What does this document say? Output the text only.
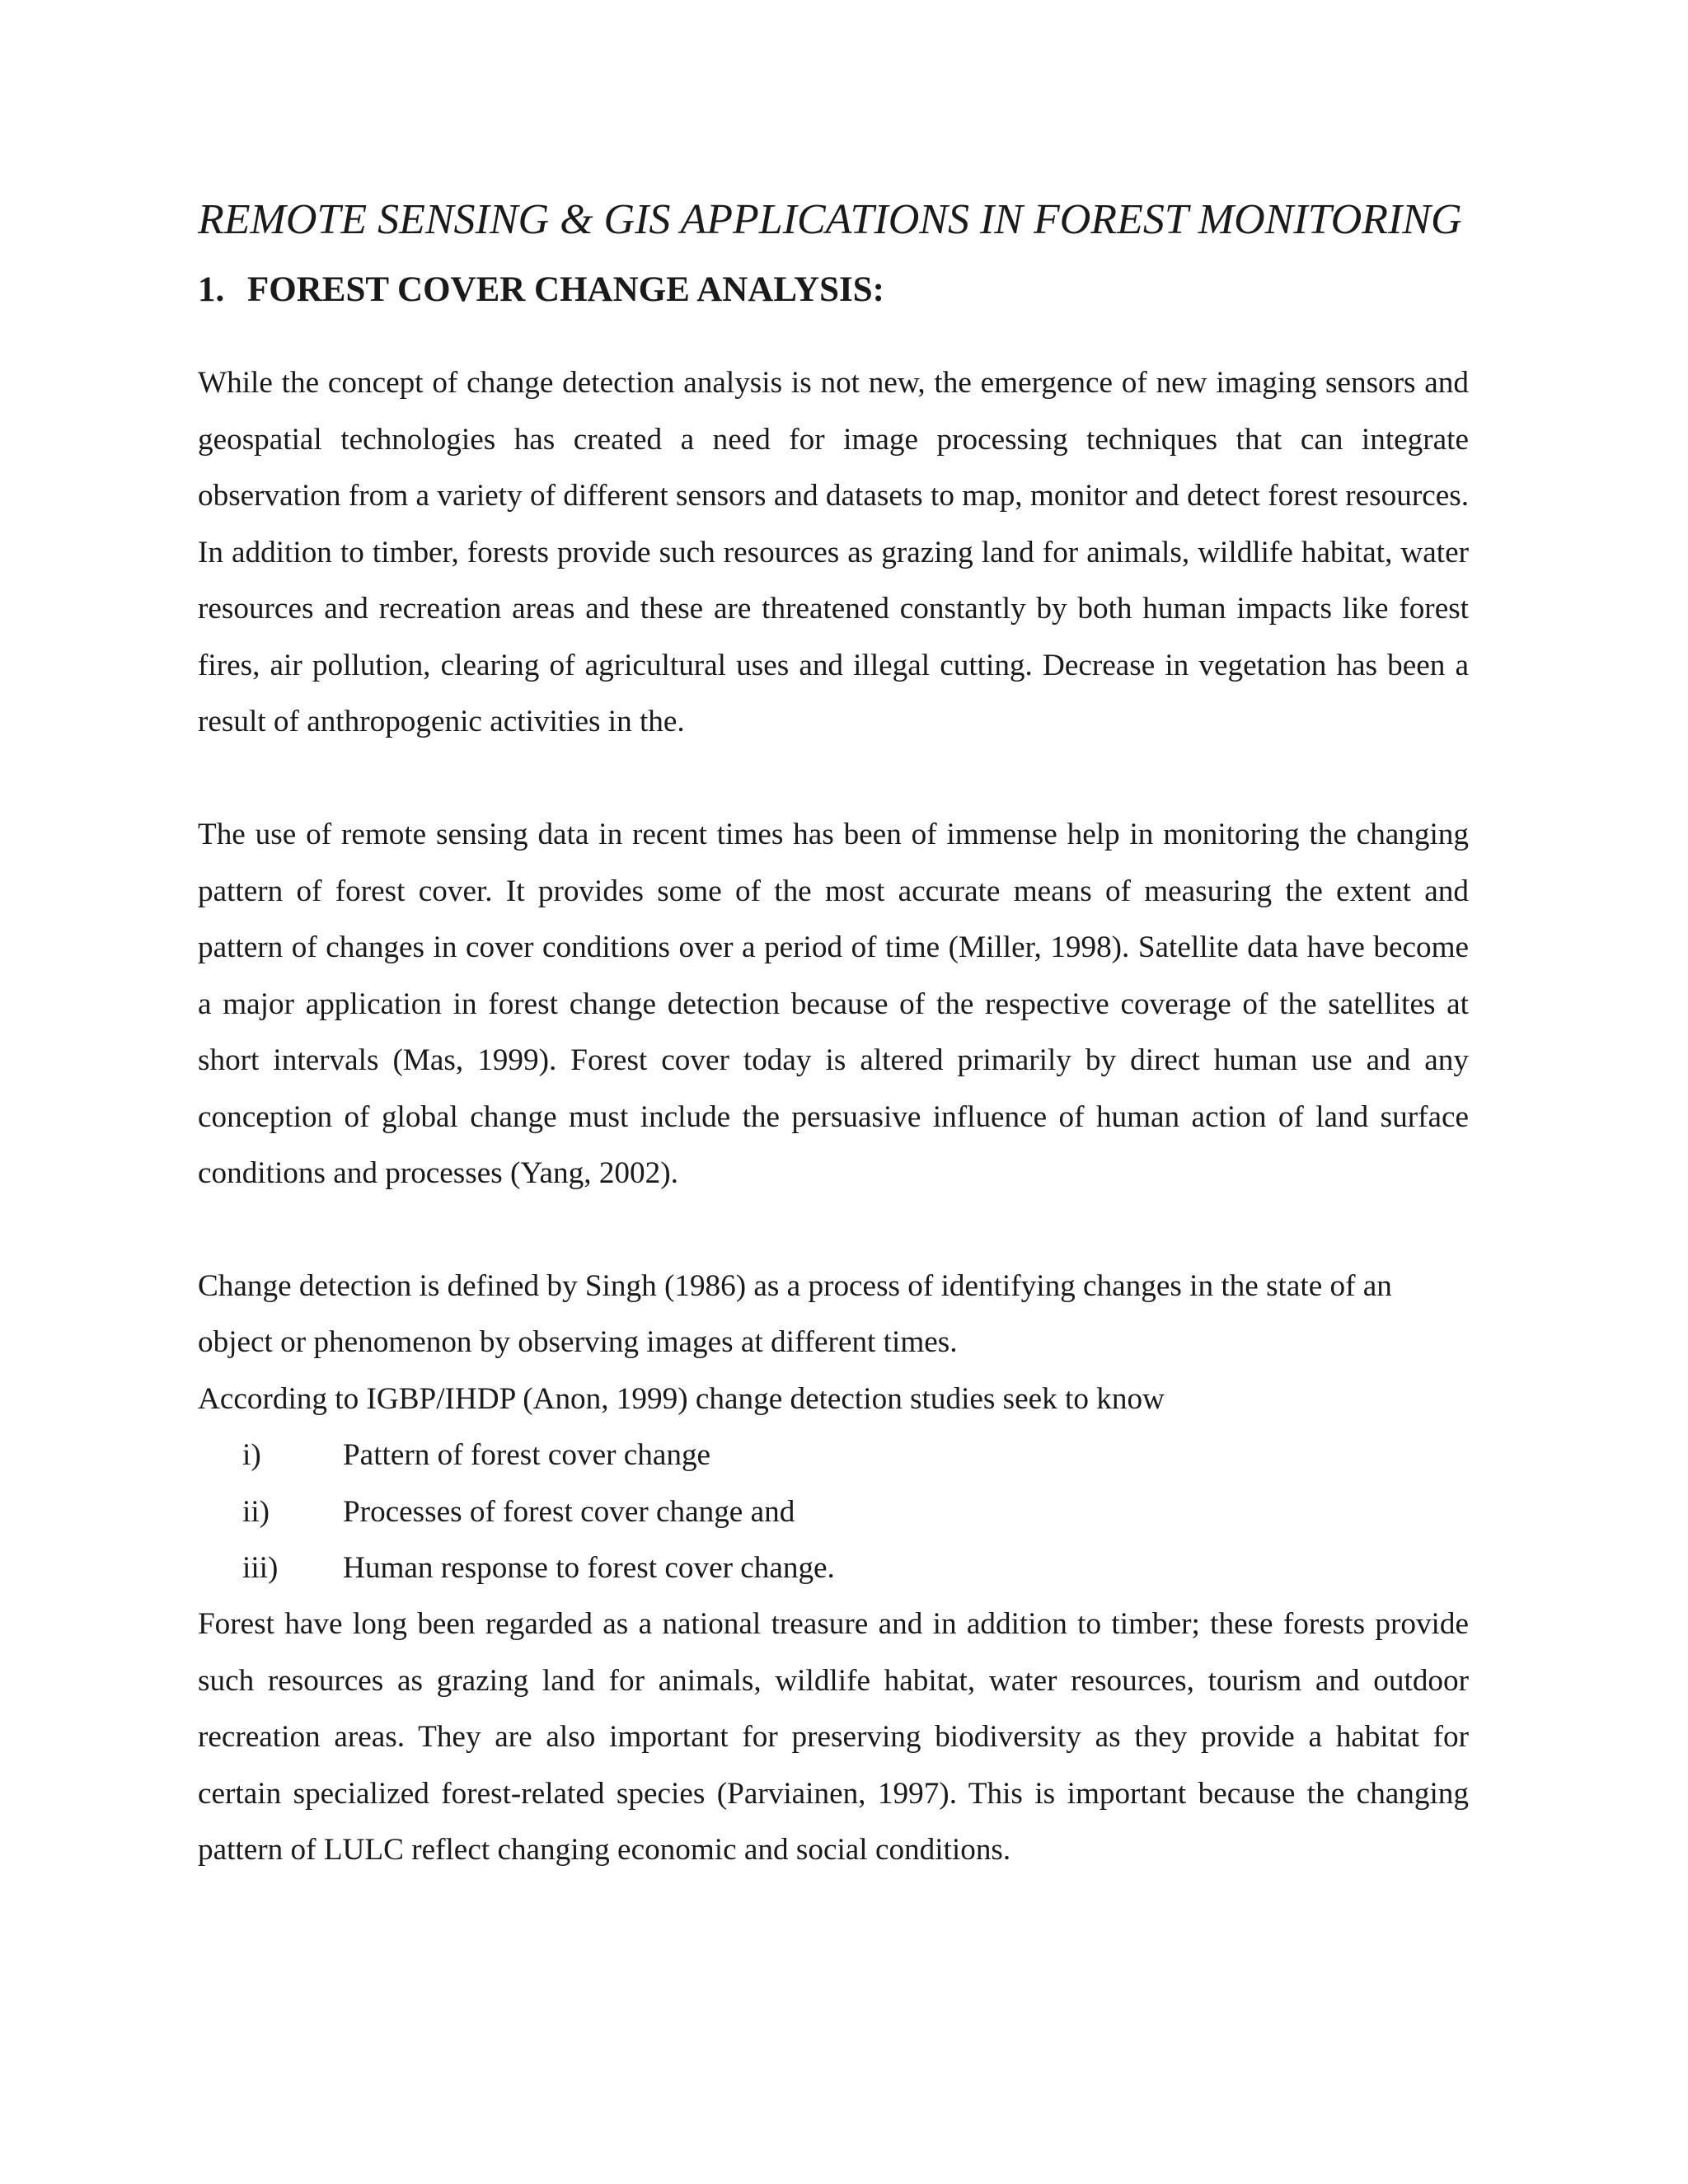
REMOTE SENSING & GIS APPLICATIONS IN FOREST MONITORING
1. FOREST COVER CHANGE ANALYSIS:

While the concept of change detection analysis is not new, the emergence of new imaging sensors and geospatial technologies has created a need for image processing techniques that can integrate observation from a variety of different sensors and datasets to map, monitor and detect forest resources. In addition to timber, forests provide such resources as grazing land for animals, wildlife habitat, water resources and recreation areas and these are threatened constantly by both human impacts like forest fires, air pollution, clearing of agricultural uses and illegal cutting. Decrease in vegetation has been a result of anthropogenic activities in the.

The use of remote sensing data in recent times has been of immense help in monitoring the changing pattern of forest cover. It provides some of the most accurate means of measuring the extent and pattern of changes in cover conditions over a period of time (Miller, 1998). Satellite data have become a major application in forest change detection because of the respective coverage of the satellites at short intervals (Mas, 1999). Forest cover today is altered primarily by direct human use and any conception of global change must include the persuasive influence of human action of land surface conditions and processes (Yang, 2002).

Change detection is defined by Singh (1986) as a process of identifying changes in the state of an

object or phenomenon by observing images at different times.

According to IGBP/IHDP (Anon, 1999) change detection studies seek to know

i)	Pattern of forest cover change
ii) Processes of forest cover change and
iii) Human response to forest cover change.

Forest have long been regarded as a national treasure and in addition to timber; these forests provide such resources as grazing land for animals, wildlife habitat, water resources, tourism and outdoor recreation areas. They are also important for preserving biodiversity as they provide a habitat for certain specialized forest-related species (Parviainen, 1997). This is important because the changing pattern of LULC reflect changing economic and social conditions.
